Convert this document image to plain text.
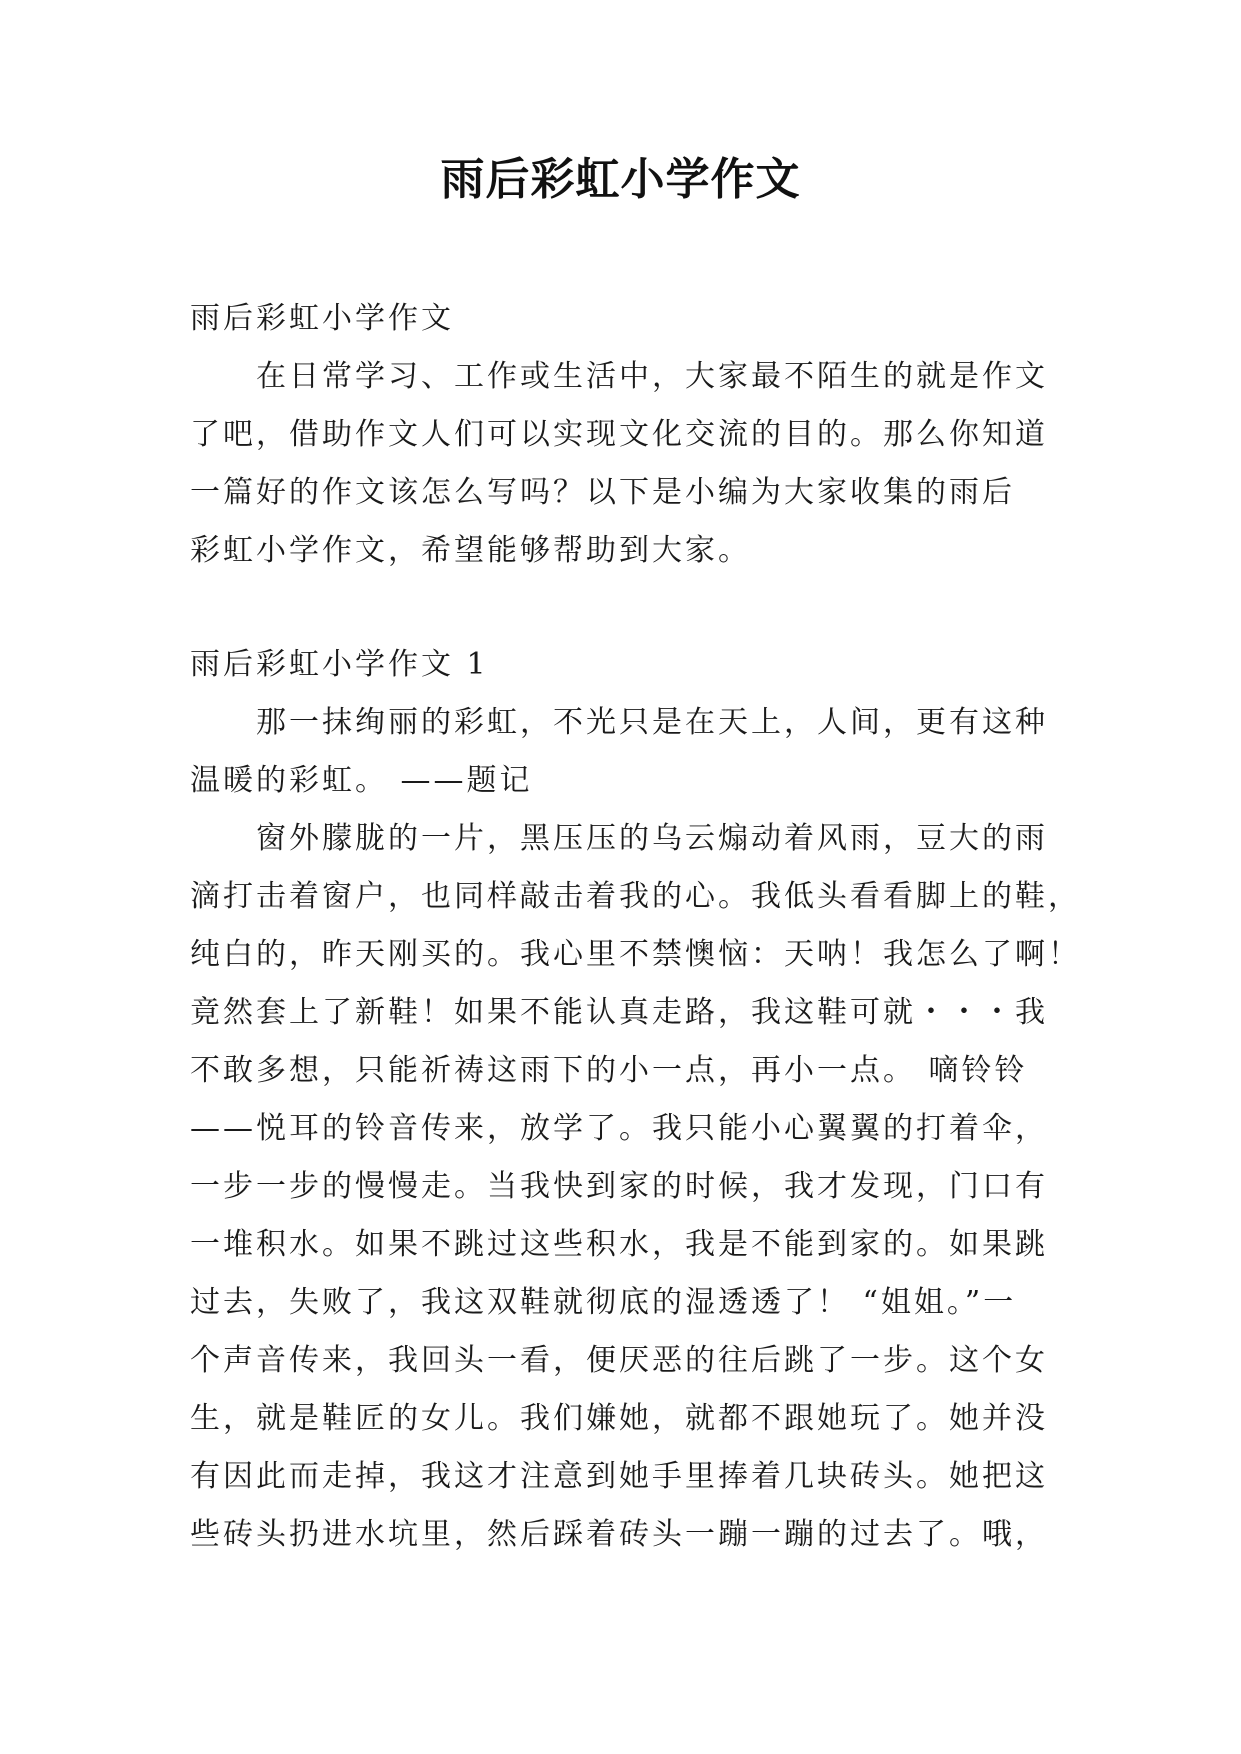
雨后彩虹小学作文
雨后彩虹小学作文

在日常学习、工作或生活中，大家最不陌生的就是作文
了吧，借助作文人们可以实现文化交流的目的。那么你知道
一篇好的作文该怎么写吗？以下是小编为大家收集的雨后
彩虹小学作文，希望能够帮助到大家。

雨后彩虹小学作文 1

那一抹绚丽的彩虹，不光只是在天上，人间，更有这种
温暖的彩虹。 ——题记

窗外朦胧的一片，黑压压的乌云煽动着风雨，豆大的雨
滴打击着窗户，也同样敲击着我的心。我低头看看脚上的鞋，
纯白的，昨天刚买的。我心里不禁懊恼：天呐！我怎么了啊！
竟然套上了新鞋！如果不能认真走路，我这鞋可就・・・我
不敢多想，只能祈祷这雨下的小一点，再小一点。 嘀铃铃
——悦耳的铃音传来，放学了。我只能小心翼翼的打着伞，
一步一步的慢慢走。当我快到家的时候，我才发现，门口有
一堆积水。如果不跳过这些积水，我是不能到家的。如果跳
过去，失败了，我这双鞋就彻底的湿透透了！ “姐姐。”一
个声音传来，我回头一看，便厌恶的往后跳了一步。这个女
生，就是鞋匠的女儿。我们嫌她，就都不跟她玩了。她并没
有因此而走掉，我这才注意到她手里捧着几块砖头。她把这
些砖头扔进水坑里，然后踩着砖头一蹦一蹦的过去了。哦，
